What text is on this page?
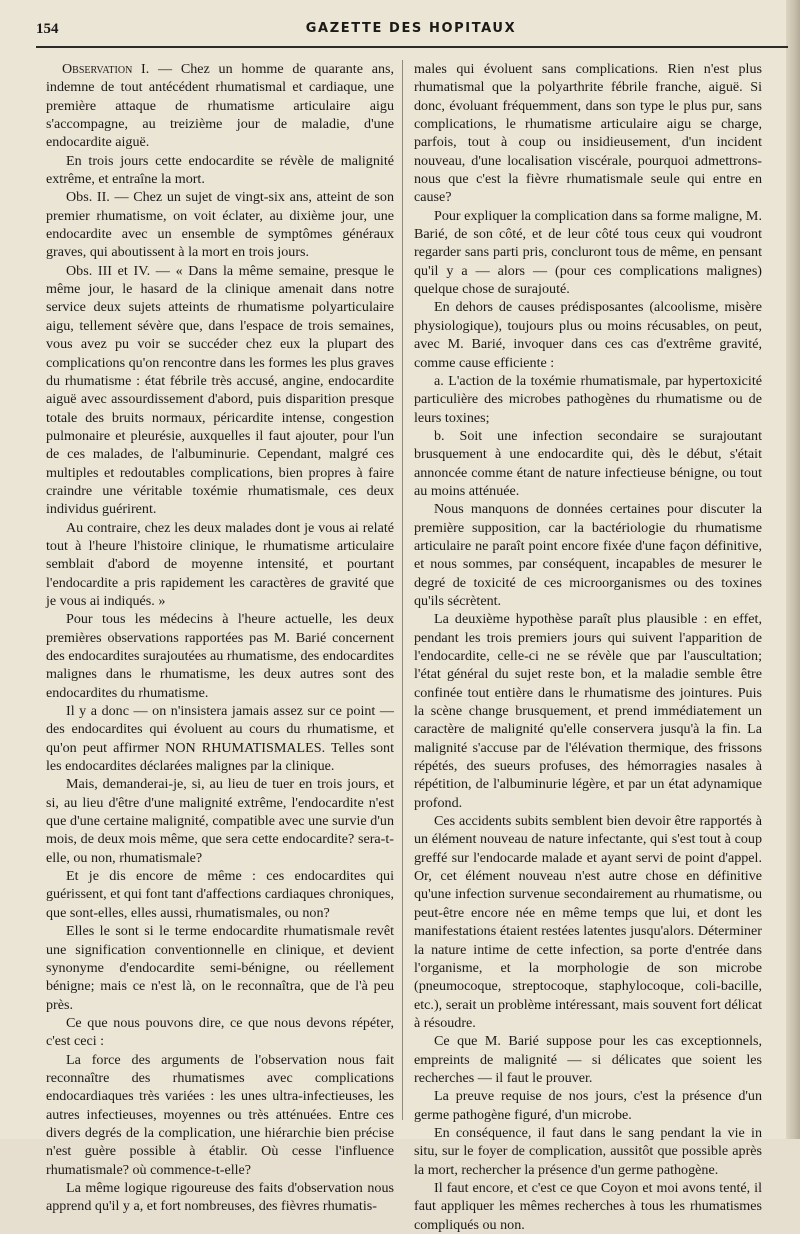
154	GAZETTE DES HOPITAUX

Observation I. — Chez un homme de quarante ans, indemne de tout antécédent rhumatismal et cardiaque, une première attaque de rhumatisme articulaire aigu s'accompagne, au treizième jour de maladie, d'une endocardite aiguë.

En trois jours cette endocardite se révèle de malignité extrême, et entraîne la mort.

Obs. II. — Chez un sujet de vingt-six ans, atteint de son premier rhumatisme, on voit éclater, au dixième jour, une endocardite avec un ensemble de symptômes généraux graves, qui aboutissent à la mort en trois jours.

Obs. III et IV. — « Dans la même semaine, presque le même jour, le hasard de la clinique amenait dans notre service deux sujets atteints de rhumatisme polyarticulaire aigu, tellement sévère que, dans l'espace de trois semaines, vous avez pu voir se succéder chez eux la plupart des complications qu'on rencontre dans les formes les plus graves du rhumatisme : état fébrile très accusé, angine, endocardite aiguë avec assourdissement d'abord, puis disparition presque totale des bruits normaux, péricardite intense, congestion pulmonaire et pleurésie, auxquelles il faut ajouter, pour l'un de ces malades, de l'albuminurie. Cependant, malgré ces multiples et redoutables complications, bien propres à faire craindre une véritable toxémie rhumatismale, ces deux individus guérirent.

Au contraire, chez les deux malades dont je vous ai relaté tout à l'heure l'histoire clinique, le rhumatisme articulaire semblait d'abord de moyenne intensité, et pourtant l'endocardite a pris rapidement les caractères de gravité que je vous ai indiqués. »

Pour tous les médecins à l'heure actuelle, les deux premières observations rapportées pas M. Barié concernent des endocardites surajoutées au rhumatisme, des endocardites malignes dans le rhumatisme, les deux autres sont des endocardites du rhumatisme.

Il y a donc — on n'insistera jamais assez sur ce point — des endocardites qui évoluent au cours du rhumatisme, et qu'on peut affirmer NON RHUMATISMALES. Telles sont les endocardites déclarées malignes par la clinique.

Mais, demanderai-je, si, au lieu de tuer en trois jours, et si, au lieu d'être d'une malignité extrême, l'endocardite n'est que d'une certaine malignité, compatible avec une survie d'un mois, de deux mois même, que sera cette endocardite? sera-t-elle, ou non, rhumatismale?

Et je dis encore de même : ces endocardites qui guérissent, et qui font tant d'affections cardiaques chroniques, que sont-elles, elles aussi, rhumatismales, ou non?

Elles le sont si le terme endocardite rhumatismale revêt une signification conventionnelle en clinique, et devient synonyme d'endocardite semi-bénigne, ou réellement bénigne; mais ce n'est là, on le reconnaîtra, que de l'à peu près.

Ce que nous pouvons dire, ce que nous devons répéter, c'est ceci :

La force des arguments de l'observation nous fait reconnaître des rhumatismes avec complications endocardiaques très variées : les unes ultra-infectieuses, les autres infectieuses, moyennes ou très atténuées. Entre ces divers degrés de la complication, une hiérarchie bien précise n'est guère possible à établir. Où cesse l'influence rhumatismale? où commence-t-elle?

La même logique rigoureuse des faits d'observation nous apprend qu'il y a, et fort nombreuses, des fièvres rhumatis-

males qui évoluent sans complications. Rien n'est plus rhumatismal que la polyarthrite fébrile franche, aiguë. Si donc, évoluant fréquemment, dans son type le plus pur, sans complications, le rhumatisme articulaire aigu se charge, parfois, tout à coup ou insidieusement, d'un incident nouveau, d'une localisation viscérale, pourquoi admettrons-nous que c'est la fièvre rhumatismale seule qui entre en cause?

Pour expliquer la complication dans sa forme maligne, M. Barié, de son côté, et de leur côté tous ceux qui voudront regarder sans parti pris, concluront tous de même, en pensant qu'il y a — alors — (pour ces complications malignes) quelque chose de surajouté.

En dehors de causes prédisposantes (alcoolisme, misère physiologique), toujours plus ou moins récusables, on peut, avec M. Barié, invoquer dans ces cas d'extrême gravité, comme cause efficiente :

a. L'action de la toxémie rhumatismale, par hypertoxicité particulière des microbes pathogènes du rhumatisme ou de leurs toxines;

b. Soit une infection secondaire se surajoutant brusquement à une endocardite qui, dès le début, s'était annoncée comme étant de nature infectieuse bénigne, ou tout au moins atténuée.

Nous manquons de données certaines pour discuter la première supposition, car la bactériologie du rhumatisme articulaire ne paraît point encore fixée d'une façon définitive, et nous sommes, par conséquent, incapables de mesurer le degré de toxicité de ces microorganismes ou des toxines qu'ils sécrètent.

La deuxième hypothèse paraît plus plausible : en effet, pendant les trois premiers jours qui suivent l'apparition de l'endocardite, celle-ci ne se révèle que par l'auscultation; l'état général du sujet reste bon, et la maladie semble être confinée tout entière dans le rhumatisme des jointures. Puis la scène change brusquement, et prend immédiatement un caractère de malignité qu'elle conservera jusqu'à la fin. La malignité s'accuse par de l'élévation thermique, des frissons répétés, des sueurs profuses, des hémorragies nasales à répétition, de l'albuminurie légère, et par un état adynamique profond.

Ces accidents subits semblent bien devoir être rapportés à un élément nouveau de nature infectante, qui s'est tout à coup greffé sur l'endocarde malade et ayant servi de point d'appel. Or, cet élément nouveau n'est autre chose en définitive qu'une infection survenue secondairement au rhumatisme, ou peut-être encore née en même temps que lui, et dont les manifestations étaient restées latentes jusqu'alors. Déterminer la nature intime de cette infection, sa porte d'entrée dans l'organisme, et la morphologie de son microbe (pneumocoque, streptocoque, staphylocoque, coli-bacille, etc.), serait un problème intéressant, mais souvent fort délicat à résoudre.

Ce que M. Barié suppose pour les cas exceptionnels, empreints de malignité — si délicates que soient les recherches — il faut le prouver.

La preuve requise de nos jours, c'est la présence d'un germe pathogène figuré, d'un microbe.

En conséquence, il faut dans le sang pendant la vie in situ, sur le foyer de complication, aussitôt que possible après la mort, rechercher la présence d'un germe pathogène.

Il faut encore, et c'est ce que Coyon et moi avons tenté, il faut appliquer les mêmes recherches à tous les rhumatismes compliqués ou non.
